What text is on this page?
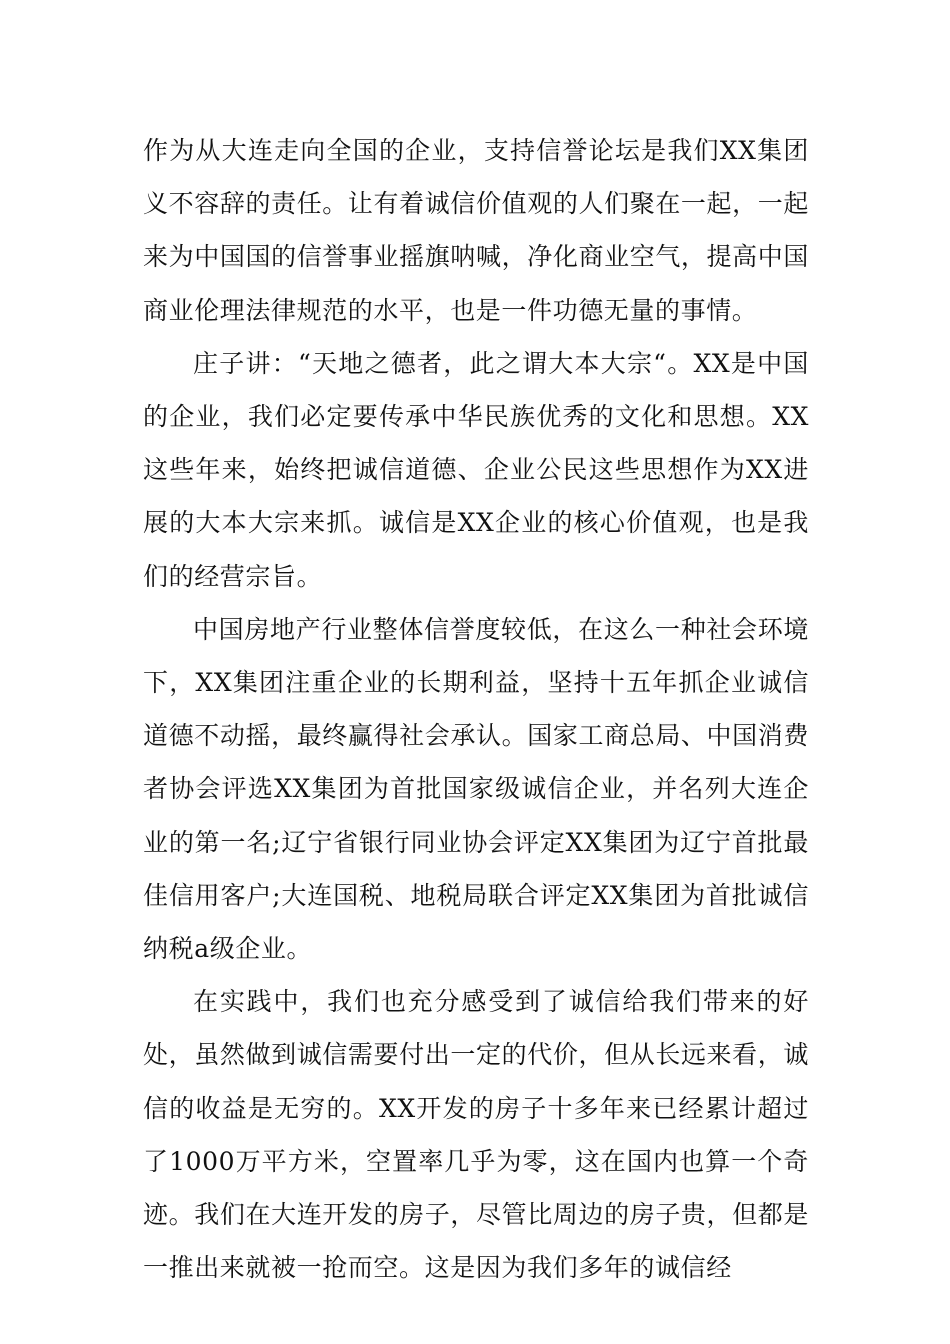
作为从大连走向全国的企业，支持信誉论坛是我们XX集团义不容辞的责任。让有着诚信价值观的人们聚在一起，一起来为中国国的信誉事业摇旗呐喊，净化商业空气，提高中国商业伦理法律规范的水平，也是一件功德无量的事情。

庄子讲：“天地之德者，此之谓大本大宗“。XX是中国的企业，我们必定要传承中华民族优秀的文化和思想。XX这些年来，始终把诚信道德、企业公民这些思想作为XX进展的大本大宗来抓。诚信是XX企业的核心价值观，也是我们的经营宗旨。

中国房地产行业整体信誉度较低，在这么一种社会环境下，XX集团注重企业的长期利益，坚持十五年抓企业诚信道德不动摇，最终赢得社会承认。国家工商总局、中国消费者协会评选XX集团为首批国家级诚信企业，并名列大连企业的第一名;辽宁省银行同业协会评定XX集团为辽宁首批最佳信用客户;大连国税、地税局联合评定XX集团为首批诚信纳税a级企业。

在实践中，我们也充分感受到了诚信给我们带来的好处，虽然做到诚信需要付出一定的代价，但从长远来看，诚信的收益是无穷的。XX开发的房子十多年来已经累计超过了1000万平方米，空置率几乎为零，这在国内也算一个奇迹。我们在大连开发的房子，尽管比周边的房子贵，但都是一推出来就被一抢而空。这是因为我们多年的诚信经
